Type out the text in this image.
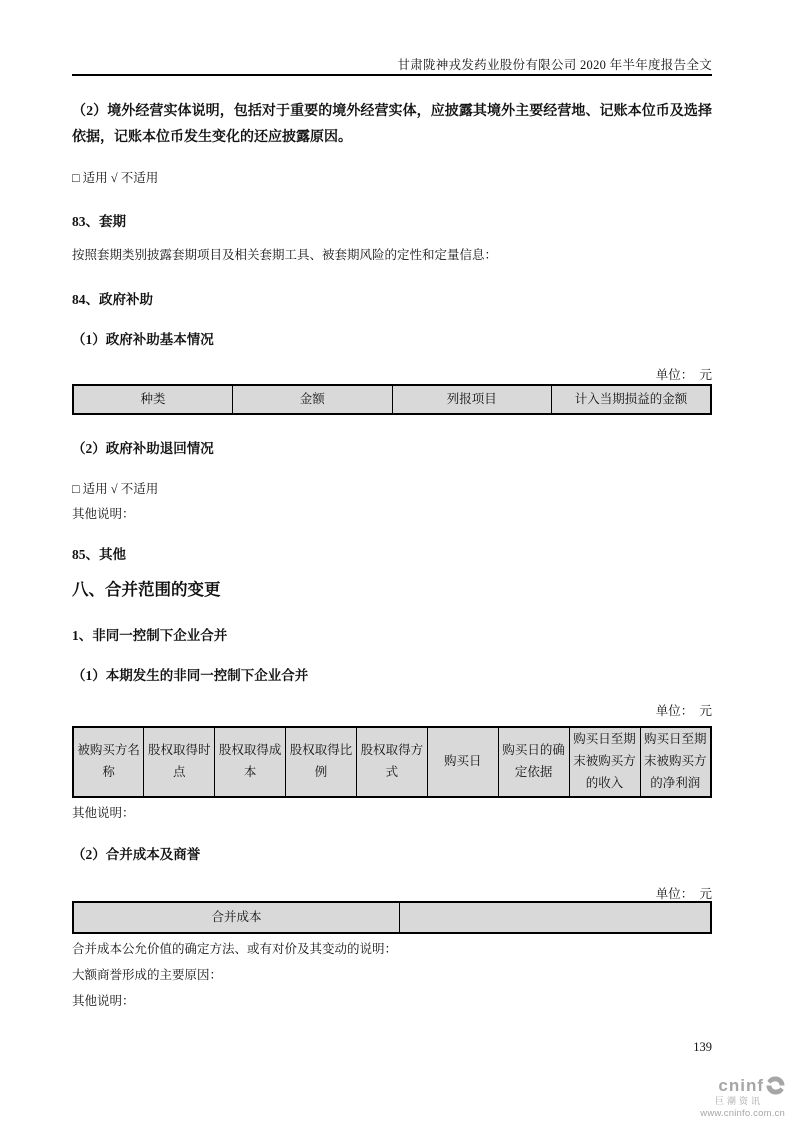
甘肃陇神戎发药业股份有限公司 2020 年半年度报告全文
（2）境外经营实体说明，包括对于重要的境外经营实体，应披露其境外主要经营地、记账本位币及选择依据，记账本位币发生变化的还应披露原因。
□ 适用 √ 不适用
83、套期
按照套期类别披露套期项目及相关套期工具、被套期风险的定性和定量信息：
84、政府补助
（1）政府补助基本情况
单位：　元
种类	金额	列报项目	计入当期损益的金额
（2）政府补助退回情况
□ 适用 √ 不适用
其他说明：
85、其他
八、合并范围的变更
1、非同一控制下企业合并
（1）本期发生的非同一控制下企业合并
单位：　元
被购买方名称	股权取得时点	股权取得成本	股权取得比例	股权取得方式	购买日	购买日的确定依据	购买日至期末被购买方的收入	购买日至期末被购买方的净利润
其他说明：
（2）合并成本及商誉
单位：　元
合并成本	
合并成本公允价值的确定方法、或有对价及其变动的说明：
大额商誉形成的主要原因：
其他说明：
139
cninf
巨潮资讯
www.cninfo.com.cn
